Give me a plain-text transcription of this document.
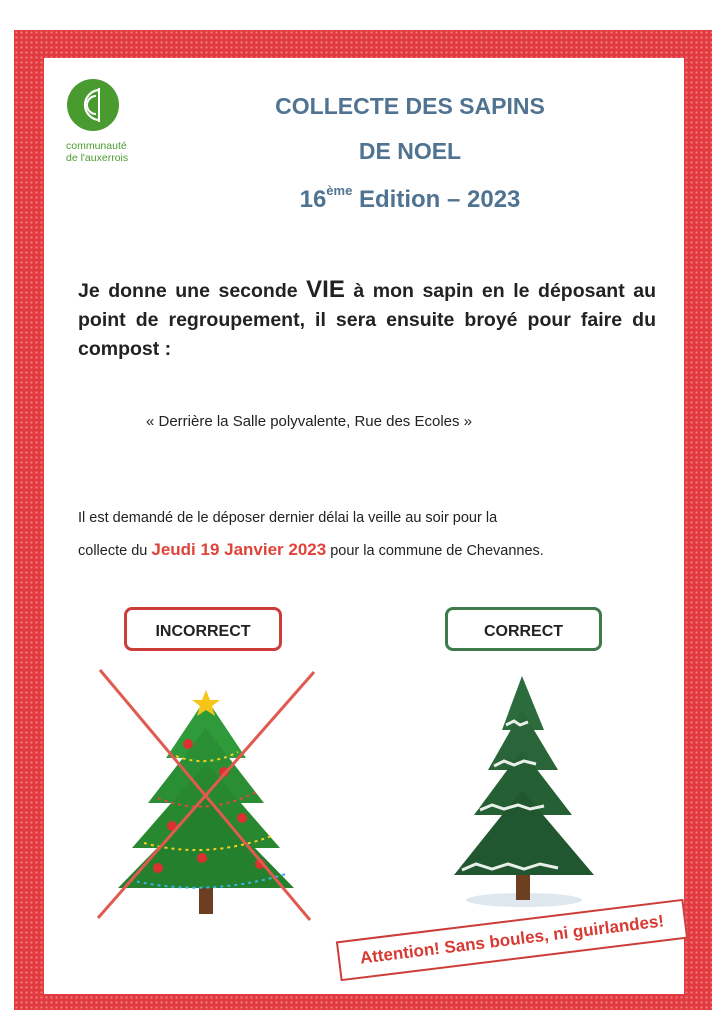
communauté
de l'auxerrois
COLLECTE DES SAPINS
DE NOEL
16ème Edition – 2023
Je donne une seconde VIE à mon sapin en le déposant au point de regroupement, il sera ensuite broyé pour faire du compost :
« Derrière la Salle polyvalente, Rue des Ecoles »
Il est demandé de le déposer dernier délai la veille au soir pour la
collecte du Jeudi 19 Janvier 2023 pour la commune de Chevannes.
INCORRECT	CORRECT
Attention! Sans boules, ni guirlandes!
